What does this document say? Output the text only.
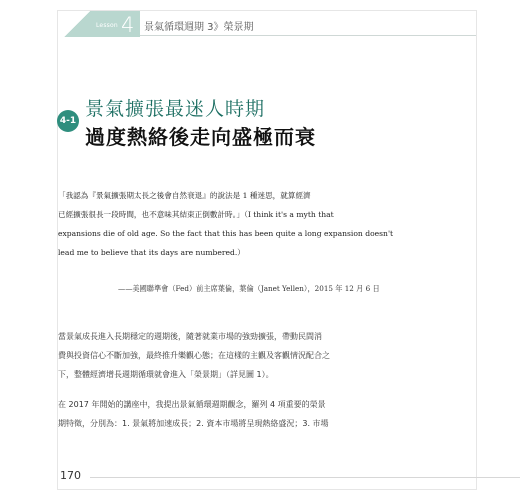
Lesson 4 景氣循環週期 3》榮景期
4-1
景氣擴張最迷人時期
過度熱絡後走向盛極而衰

「我認為『景氣擴張期太長之後會自然衰退』的說法是 1 種迷思，就算經濟

已經擴張很長一段時間，也不意味其結束正倒數計時。」（I think it's a myth that

expansions die of old age. So the fact that this has been quite a long expansion doesn't

lead me to believe that its days are numbered.）

——美國聯準會（Fed）前主席葉倫，葉倫（Janet Yellen），2015 年 12 月 6 日
當景氣成長進入長期穩定的週期後，隨著就業市場的強勁擴張，帶動民間消
費與投資信心不斷加強，最終推升樂觀心態；在這樣的主觀及客觀情況配合之
下，整體經濟增長週期循環就會進入「榮景期」（詳見圖 1）。
在 2017 年開始的講座中，我提出景氣循環週期觀念，羅列 4 項重要的榮景
期特徵，分別為：1. 景氣將加速成長；2. 資本市場將呈現熱絡盛況；3. 市場
170
